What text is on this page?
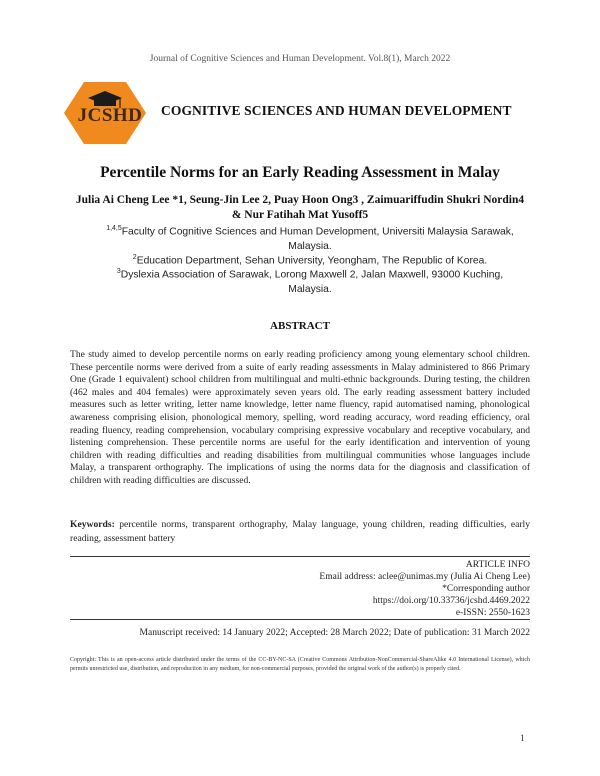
Journal of Cognitive Sciences and Human Development. Vol.8(1), March 2022
JCSHD	COGNITIVE SCIENCES AND HUMAN DEVELOPMENT
Percentile Norms for an Early Reading Assessment in Malay
Julia Ai Cheng Lee *1, Seung-Jin Lee 2, Puay Hoon Ong3 , Zaimuariffudin Shukri Nordin4
& Nur Fatihah Mat Yusoff5
$^{1,4,5}$Faculty of Cognitive Sciences and Human Development, Universiti Malaysia Sarawak, Malaysia.
$^2$Education Department, Sehan University, Yeongham, The Republic of Korea.
$^3$Dyslexia Association of Sarawak, Lorong Maxwell 2, Jalan Maxwell, 93000 Kuching, Malaysia.
ABSTRACT
The study aimed to develop percentile norms on early reading proficiency among young elementary school children. These percentile norms were derived from a suite of early reading assessments in Malay administered to 866 Primary One (Grade 1 equivalent) school children from multilingual and multi-ethnic backgrounds. During testing, the children (462 males and 404 females) were approximately seven years old. The early reading assessment battery included measures such as letter writing, letter name knowledge, letter name fluency, rapid automatised naming, phonological awareness comprising elision, phonological memory, spelling, word reading accuracy, word reading efficiency, oral reading fluency, reading comprehension, vocabulary comprising expressive vocabulary and receptive vocabulary, and listening comprehension. These percentile norms are useful for the early identification and intervention of young children with reading difficulties and reading disabilities from multilingual communities whose languages include Malay, a transparent orthography. The implications of using the norms data for the diagnosis and classification of children with reading difficulties are discussed.
Keywords: percentile norms, transparent orthography, Malay language, young children, reading difficulties, early reading, assessment battery
ARTICLE INFO
Email address: aclee@unimas.my (Julia Ai Cheng Lee)
*Corresponding author
https://doi.org/10.33736/jcshd.4469.2022
e-ISSN: 2550-1623
Manuscript received: 14 January 2022; Accepted: 28 March 2022; Date of publication: 31 March 2022
Copyright: This is an open-access article distributed under the terms of the CC-BY-NC-SA (Creative Commons Attribution-NonCommercial-ShareAlike 4.0 International License), which permits unrestricted use, distribution, and reproduction in any medium, for non-commercial purposes, provided the original work of the author(s) is properly cited.
1
